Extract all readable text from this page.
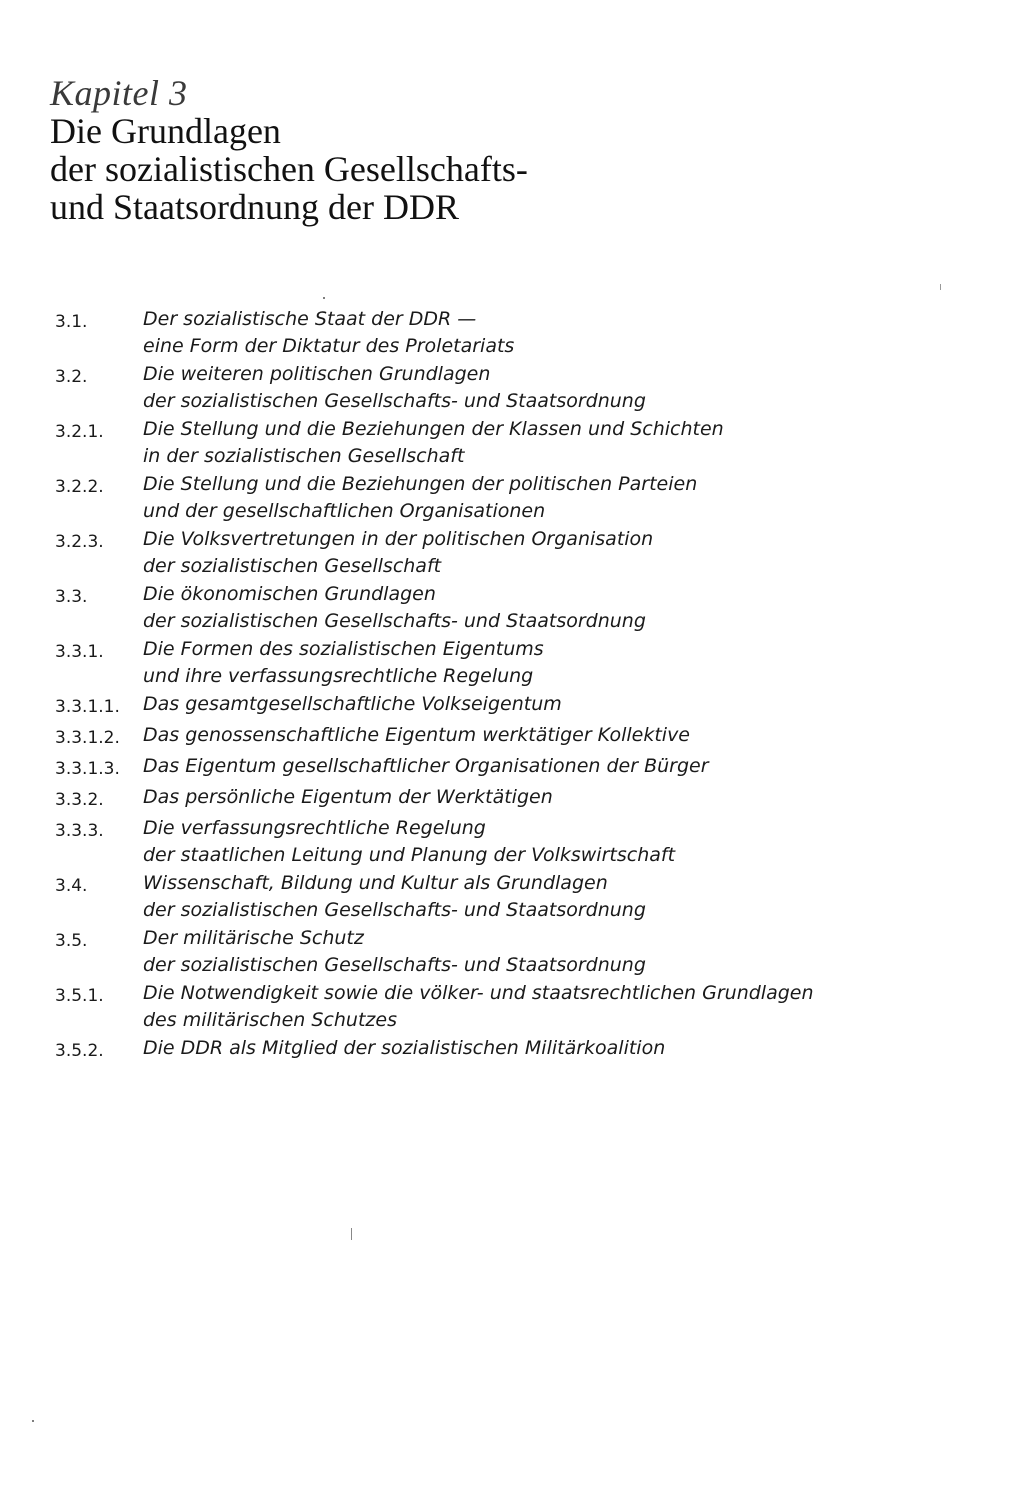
Kapitel 3
Die Grundlagen
der sozialistischen Gesellschafts-
und Staatsordnung der DDR
3.1.	Der sozialistische Staat der DDR —
eine Form der Diktatur des Proletariats
3.2.	Die weiteren politischen Grundlagen
der sozialistischen Gesellschafts- und Staatsordnung
3.2.1.	Die Stellung und die Beziehungen der Klassen und Schichten
in der sozialistischen Gesellschaft
3.2.2.	Die Stellung und die Beziehungen der politischen Parteien
und der gesellschaftlichen Organisationen
3.2.3.	Die Volksvertretungen in der politischen Organisation
der sozialistischen Gesellschaft
3.3.	Die ökonomischen Grundlagen
der sozialistischen Gesellschafts- und Staatsordnung
3.3.1.	Die Formen des sozialistischen Eigentums
und ihre verfassungsrechtliche Regelung
3.3.1.1.	Das gesamtgesellschaftliche Volkseigentum
3.3.1.2.	Das genossenschaftliche Eigentum werktätiger Kollektive
3.3.1.3.	Das Eigentum gesellschaftlicher Organisationen der Bürger
3.3.2.	Das persönliche Eigentum der Werktätigen
3.3.3.	Die verfassungsrechtliche Regelung
der staatlichen Leitung und Planung der Volkswirtschaft
3.4.	Wissenschaft, Bildung und Kultur als Grundlagen
der sozialistischen Gesellschafts- und Staatsordnung
3.5.	Der militärische Schutz
der sozialistischen Gesellschafts- und Staatsordnung
3.5.1.	Die Notwendigkeit sowie die völker- und staatsrechtlichen Grundlagen
des militärischen Schutzes
3.5.2.	Die DDR als Mitglied der sozialistischen Militärkoalition
